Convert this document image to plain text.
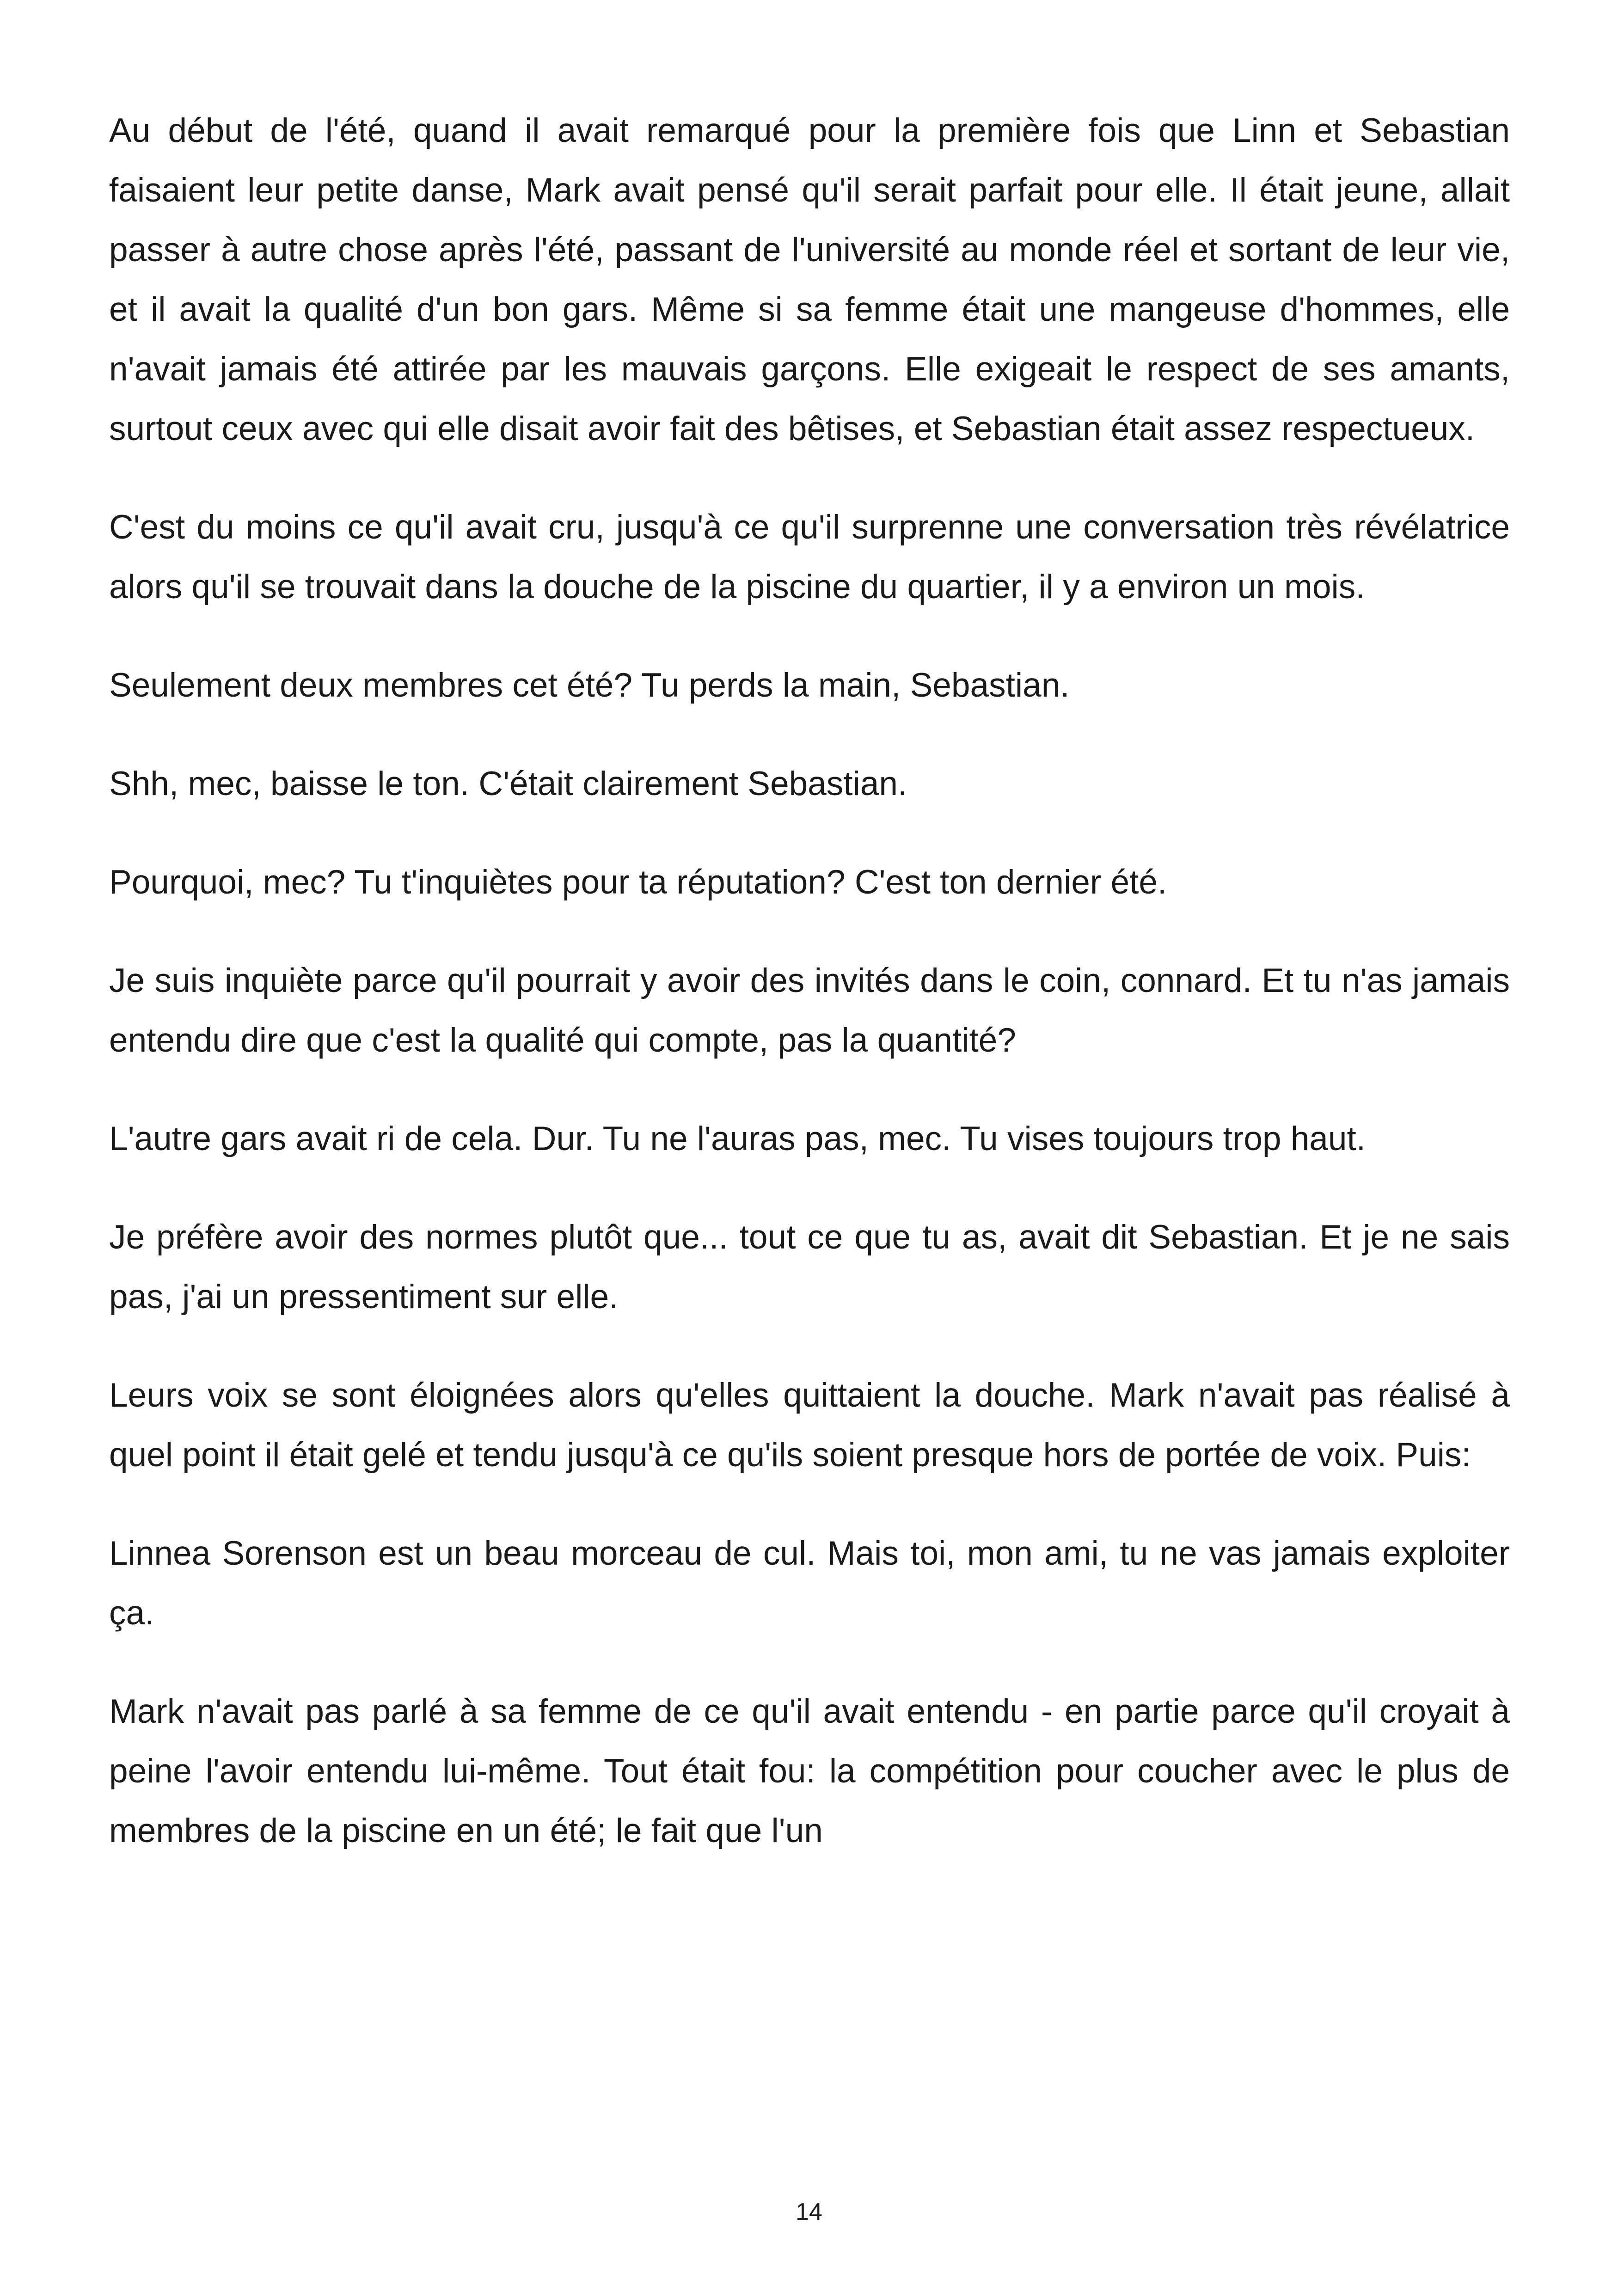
Au début de l'été, quand il avait remarqué pour la première fois que Linn et Sebastian faisaient leur petite danse, Mark avait pensé qu'il serait parfait pour elle. Il était jeune, allait passer à autre chose après l'été, passant de l'université au monde réel et sortant de leur vie, et il avait la qualité d'un bon gars. Même si sa femme était une mangeuse d'hommes, elle n'avait jamais été attirée par les mauvais garçons. Elle exigeait le respect de ses amants, surtout ceux avec qui elle disait avoir fait des bêtises, et Sebastian était assez respectueux.

C'est du moins ce qu'il avait cru, jusqu'à ce qu'il surprenne une conversation très révélatrice alors qu'il se trouvait dans la douche de la piscine du quartier, il y a environ un mois.

Seulement deux membres cet été? Tu perds la main, Sebastian.

Shh, mec, baisse le ton. C'était clairement Sebastian.

Pourquoi, mec? Tu t'inquiètes pour ta réputation? C'est ton dernier été.

Je suis inquiète parce qu'il pourrait y avoir des invités dans le coin, connard. Et tu n'as jamais entendu dire que c'est la qualité qui compte, pas la quantité?

L'autre gars avait ri de cela. Dur. Tu ne l'auras pas, mec. Tu vises toujours trop haut.

Je préfère avoir des normes plutôt que... tout ce que tu as, avait dit Sebastian. Et je ne sais pas, j'ai un pressentiment sur elle.

Leurs voix se sont éloignées alors qu'elles quittaient la douche. Mark n'avait pas réalisé à quel point il était gelé et tendu jusqu'à ce qu'ils soient presque hors de portée de voix. Puis:

Linnea Sorenson est un beau morceau de cul. Mais toi, mon ami, tu ne vas jamais exploiter ça.

Mark n'avait pas parlé à sa femme de ce qu'il avait entendu - en partie parce qu'il croyait à peine l'avoir entendu lui-même. Tout était fou: la compétition pour coucher avec le plus de membres de la piscine en un été; le fait que l'un

14
